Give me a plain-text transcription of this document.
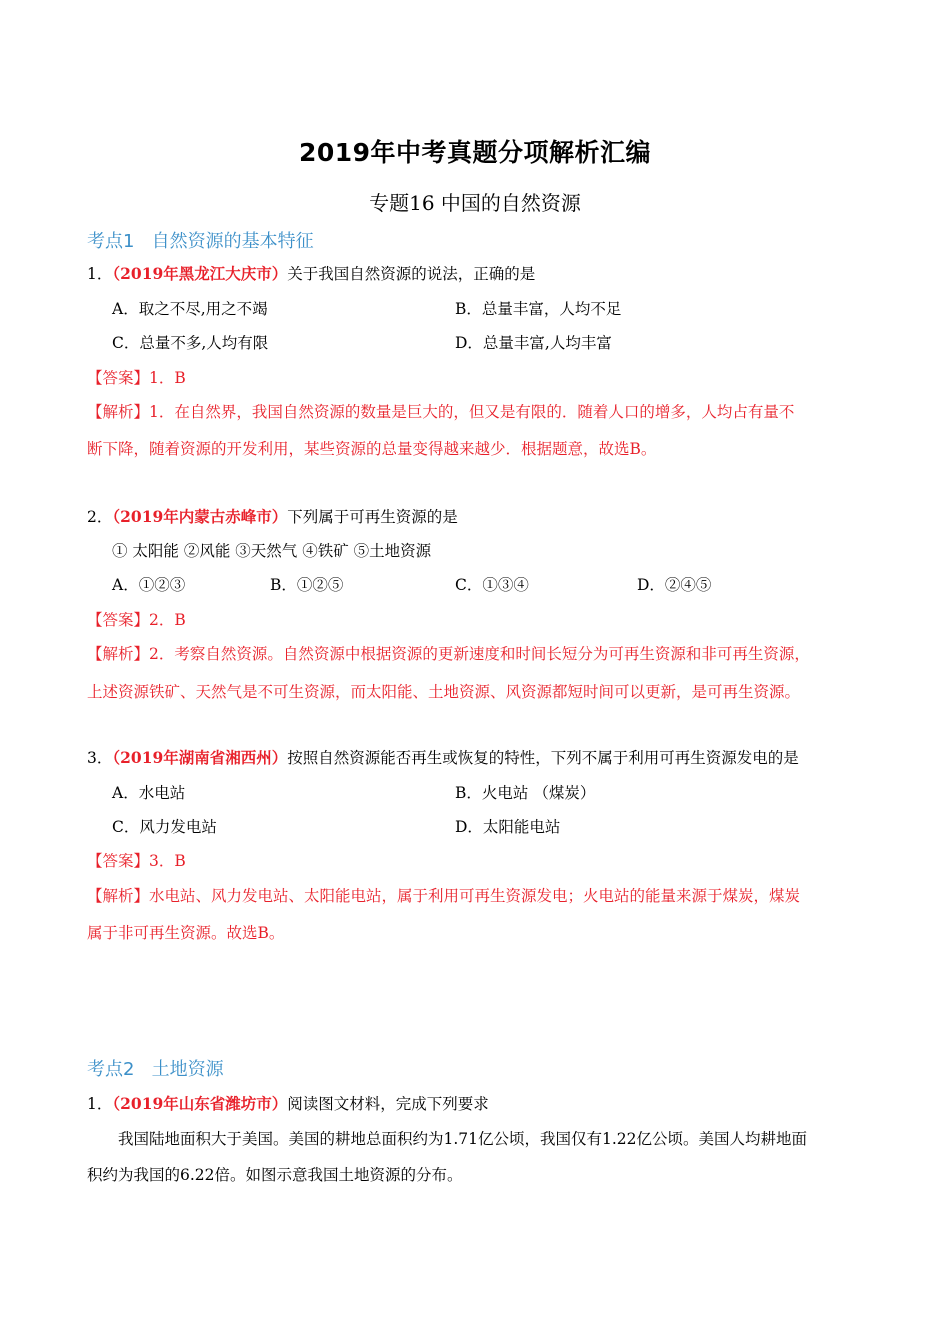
2019年中考真题分项解析汇编
专题16 中国的自然资源
考点1 自然资源的基本特征
1．（2019年黑龙江大庆市）关于我国自然资源的说法，正确的是
A．取之不尽,用之不竭	B．总量丰富，人均不足
C．总量不多,人均有限	D．总量丰富,人均丰富
【答案】1．B
【解析】1．在自然界，我国自然资源的数量是巨大的，但又是有限的．随着人口的增多，人均占有量不
断下降，随着资源的开发利用，某些资源的总量变得越来越少．根据题意，故选B。
2．（2019年内蒙古赤峰市）下列属于可再生资源的是
① 太阳能 ②风能 ③天然气 ④铁矿 ⑤土地资源
A．①②③	B．①②⑤	C．①③④	D．②④⑤
【答案】2．B
【解析】2．考察自然资源。自然资源中根据资源的更新速度和时间长短分为可再生资源和非可再生资源，
上述资源铁矿、天然气是不可生资源，而太阳能、土地资源、风资源都短时间可以更新，是可再生资源。
3．（2019年湖南省湘西州）按照自然资源能否再生或恢复的特性，下列不属于利用可再生资源发电的是
A．水电站	B．火电站 （煤炭）
C．风力发电站	D．太阳能电站
【答案】3．B
【解析】水电站、风力发电站、太阳能电站，属于利用可再生资源发电；火电站的能量来源于煤炭，煤炭
属于非可再生资源。故选B。
考点2 土地资源
1．（2019年山东省潍坊市）阅读图文材料，完成下列要求
我国陆地面积大于美国。美国的耕地总面积约为1.71亿公顷，我国仅有1.22亿公顷。美国人均耕地面
积约为我国的6.22倍。如图示意我国土地资源的分布。
